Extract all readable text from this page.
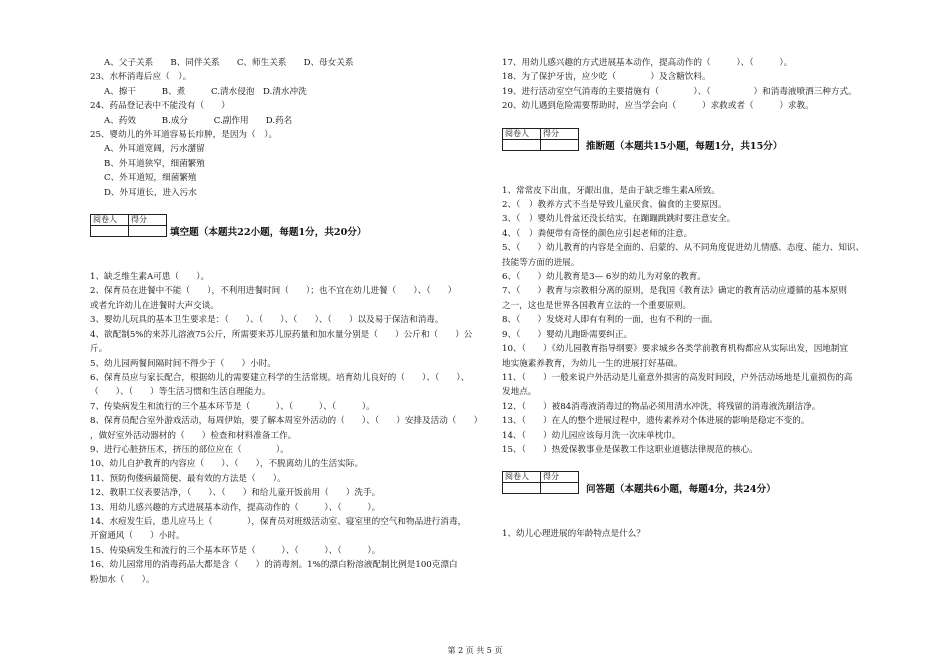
A、父子关系　　B、同伴关系　　C、师生关系　　D、母女关系
23、水杯消毒后应（　）。
A、擦干　　　B、煮　　　C.清水侵泡　D.清水冲洗
24、药品登记表中不能没有（　　）
A、药效　　　B.成分　　　C.副作用　　D.药名
25、婴幼儿的外耳道容易长疖肿，是因为（　）。
A、外耳道宽阔，污水潴留
B、外耳道狭窄，细菌繁殖
C、外耳道短，细菌繁殖
D、外耳道长，进入污水
阅卷人	得分

填空题（本题共22小题，每题1分，共20分）
1、缺乏维生素A可患（　　）。
2、保育员在进餐中不能（　　），不利用进餐时间（　　）；也不宜在幼儿进餐（　　）、（　　）
或者允许幼儿在进餐时大声交谈。
3、婴幼儿玩具的基本卫生要求是：（　　）、（　　）、（　　）、（　　）以及易于保洁和消毒。
4、欲配制5%的来苏儿溶液75公斤，所需要来苏儿原药量和加水量分别是（　　）公斤和（　　）公
斤。
5、幼儿园两餐间隔时间不得少于（　　）小时。
6、保育员应与家长配合，根据幼儿的需要建立科学的生活常规。培育幼儿良好的（　　）、（　　）、
（　　）、（　　）等生活习惯和生活自理能力。
7、传染病发生和流行的三个基本环节是（　　　）、（　　　）、（　　　）。
8、保育员配合室外游戏活动，每周伊始，要了解本周室外活动的（　　）、（　　）安排及活动（　　）
，做好室外活动器材的（　　）检查和材料准备工作。
9、进行心脏挤压术，挤压的部位应在（　　　　）。
10、幼儿自护教育的内容应（　　）、（　　），不脱离幼儿的生活实际。
11、预防佝偻病最简便、最有效的方法是（　　）。
12、教职工仪表要洁净，（　　）、（　　）和给儿童开饭前用（　　）洗手。
13、用幼儿感兴趣的方式进展基本动作，提高动作的（　　　）、（　　　）。
14、水痘发生后，患儿应马上（　　　　），保育员对班级活动室、寝室里的空气和物品进行消毒，
开窗通风（　　）小时。
15、传染病发生和流行的三个基本环节是（　　　）、（　　　）、（　　　）。
16、幼儿园常用的消毒药品大都是含（　　）的消毒剂。1%的漂白粉溶液配制比例是100克漂白
粉加水（　　）。
17、用幼儿感兴趣的方式进展基本动作，提高动作的（　　　）、（　　　）。
18、为了保护牙齿，应少吃（　　　　）及含糖饮料。
19、进行活动室空气消毒的主要措施有（　　　　）、（　　　　　）和消毒液喷洒三种方式。
20、幼儿遇到危险需要帮助时，应当学会向（　　　）求救或者（　　　）求教。
阅卷人	得分

推断题（本题共15小题，每题1分，共15分）
1、常常皮下出血，牙龈出血，是由于缺乏维生素A所致。
2、（　）教养方式不当是导致儿童厌食、偏食的主要原因。
3、（　）婴幼儿骨盆还没长结实，在蹦蹦跳跳时要注意安全。
4、（　）粪便带有奇怪的颜色应引起老师的注意。
5、（　　）幼儿教育的内容是全面的、启蒙的、从不同角度促进幼儿情感、态度、能力、知识、
技能等方面的进展。
6、（　　）幼儿教育是3— 6岁的幼儿为对象的教育。
7、（　　）教育与宗教相分离的原则，是我国《教育法》确定的教育活动应遵循的基本原则
之一，这也是世界各国教育立法的一个重要原则。
8、（　　）发烧对人即有有利的一面，也有不利的一面。
9、（　　）婴幼儿跑卧需要纠正。
10、（　　）《幼儿园教育指导纲要》要求城乡各类学前教育机构都应从实际出发，因地制宜
地实施素养教育，为幼儿一生的进展打好基础。
11、（　　）一般来说户外活动是儿童意外损害的高发时间段，户外活动场地是儿童损伤的高
发地点。
12、（　　）被84消毒液消毒过的物品必须用清水冲洗，将残留的消毒液洗刷洁净。
13、（　　）在人的整个进展过程中，遗传素养对个体进展的影响是稳定不变的。
14、（　　）幼儿园应该每月洗一次床单枕巾。
15、（　　）热爱保教事业是保教工作这职业道德法律规范的核心。
阅卷人	得分

问答题（本题共6小题，每题4分，共24分）
1、幼儿心理进展的年龄特点是什么？
第 2 页 共 5 页
